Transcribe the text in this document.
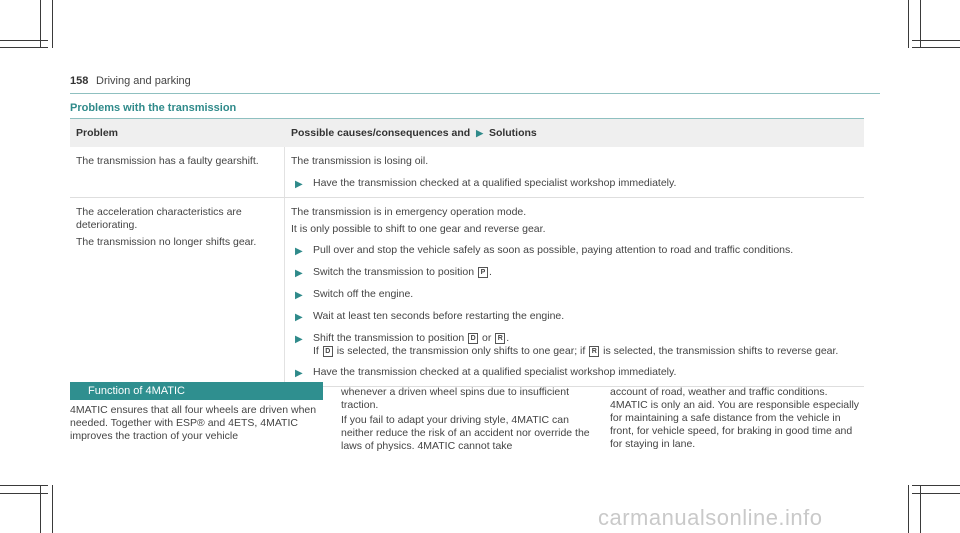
158 Driving and parking
Problems with the transmission
Problem	Possible causes/consequences and ▶ Solutions
The transmission has a faulty gearshift.	The transmission is losing oil.
▶ Have the transmission checked at a qualified specialist workshop immediately.
The acceleration characteristics are deteriorating.
The transmission no longer shifts gear.
The transmission is in emergency operation mode.
It is only possible to shift to one gear and reverse gear.
▶ Pull over and stop the vehicle safely as soon as possible, paying attention to road and traffic conditions.
▶ Switch the transmission to position P .
▶ Switch off the engine.
▶ Wait at least ten seconds before restarting the engine.
▶ Shift the transmission to position D or R .
If D is selected, the transmission only shifts to one gear; if R is selected, the transmission shifts to reverse gear.
▶ Have the transmission checked at a qualified specialist workshop immediately.
Function of 4MATIC
4MATIC ensures that all four wheels are driven when needed. Together with ESP® and 4ETS, 4MATIC improves the traction of your vehicle
whenever a driven wheel spins due to insufficient traction.
If you fail to adapt your driving style, 4MATIC can neither reduce the risk of an accident nor override the laws of physics. 4MATIC cannot take
account of road, weather and traffic conditions. 4MATIC is only an aid. You are responsible especially for maintaining a safe distance from the vehicle in front, for vehicle speed, for braking in good time and for staying in lane.
carmanualsonline.info
